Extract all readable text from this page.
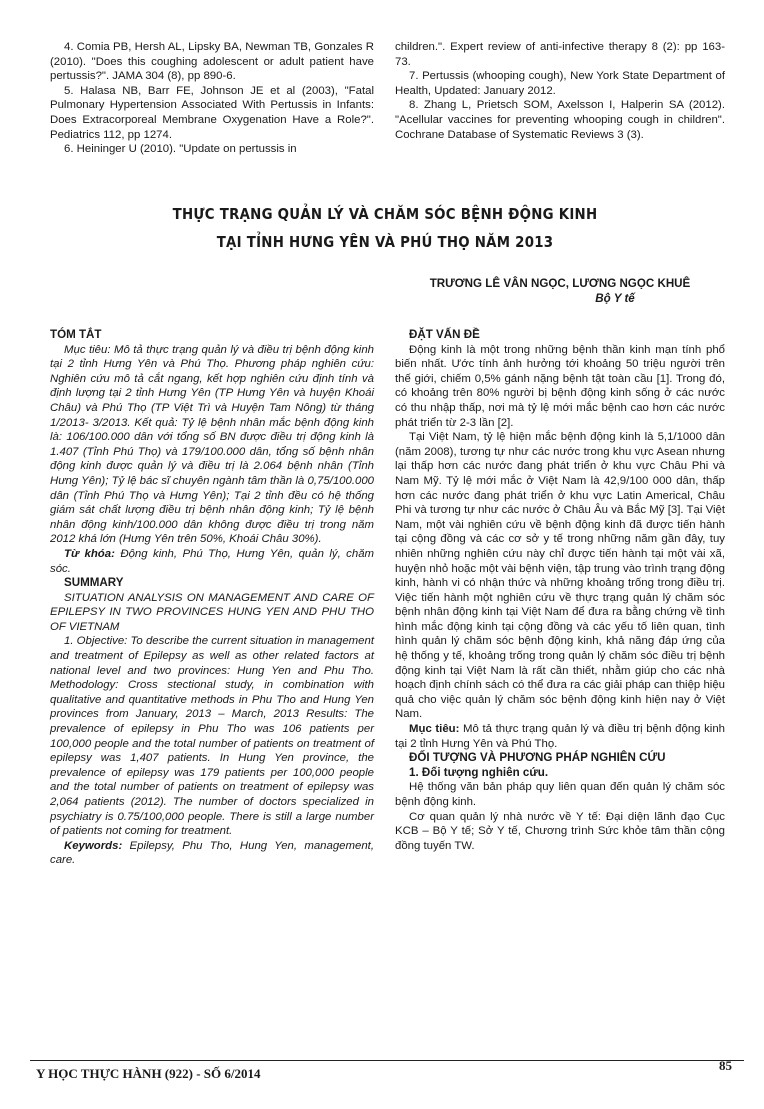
4. Comia PB, Hersh AL, Lipsky BA, Newman TB, Gonzales R (2010). "Does this coughing adolescent or adult patient have pertussis?". JAMA 304 (8), pp 890-6.

5. Halasa NB, Barr FE, Johnson JE et al (2003), "Fatal Pulmonary Hypertension Associated With Pertussis in Infants: Does Extracorporeal Membrane Oxygenation Have a Role?". Pediatrics 112, pp 1274.

6. Heininger U (2010). "Update on pertussis in

children.". Expert review of anti-infective therapy 8 (2): pp 163-73.

7. Pertussis (whooping cough), New York State Department of Health, Updated: January 2012.

8. Zhang L, Prietsch SOM, Axelsson I, Halperin SA (2012). "Acellular vaccines for preventing whooping cough in children". Cochrane Database of Systematic Reviews 3 (3).

THỰC TRẠNG QUẢN LÝ VÀ CHĂM SÓC BỆNH ĐỘNG KINH
TẠI TỈNH HƯNG YÊN VÀ PHÚ THỌ NĂM 2013
TRƯƠNG LÊ VÂN NGỌC, LƯƠNG NGỌC KHUÊ
Bộ Y tế

TÓM TẮT

Mục tiêu: Mô tả thực trạng quản lý và điều trị bệnh động kinh tại 2 tỉnh Hưng Yên và Phú Thọ. Phương pháp nghiên cứu: Nghiên cứu mô tả cắt ngang, kết hợp nghiên cứu định tính và định lượng tại 2 tỉnh Hưng Yên (TP Hưng Yên và huyện Khoái Châu) và Phú Thọ (TP Việt Trì và Huyện Tam Nông) từ tháng 1/2013- 3/2013. Kết quả: Tỷ lệ bệnh nhân mắc bệnh động kinh là: 106/100.000 dân với tổng số BN được điều trị động kinh là 1.407 (Tỉnh Phú Thọ) và 179/100.000 dân, tổng số bệnh nhân động kinh được quản lý và điều trị là 2.064 bệnh nhân (Tỉnh Hưng Yên); Tỷ lệ bác sĩ chuyên ngành tâm thần là 0,75/100.000 dân (Tỉnh Phú Thọ và Hưng Yên); Tại 2 tỉnh đều có hệ thống giám sát chất lượng điều trị bệnh nhân động kinh; Tỷ lệ bệnh nhân động kinh/100.000 dân không được điều trị trong năm 2012 khá lớn (Hưng Yên trên 50%, Khoái Châu 30%).

Từ khóa: Động kinh, Phú Thọ, Hưng Yên, quản lý, chăm sóc.

SUMMARY

SITUATION ANALYSIS ON MANAGEMENT AND CARE OF EPILEPSY IN TWO PROVINCES HUNG YEN AND PHU THO OF VIETNAM

1. Objective: To describe the current situation in management and treatment of Epilepsy as well as other related factors at national level and two provinces: Hung Yen and Phu Tho. Methodology: Cross stectional study, in combination with qualitative and quantitative methods in Phu Tho and Hung Yen provinces from January, 2013 – March, 2013 Results: The prevalence of epilepsy in Phu Tho was 106 patients per 100,000 people and the total number of patients on treatment of epilepsy was 1,407 patients. In Hung Yen province, the prevalence of epilepsy was 179 patients per 100,000 people and the total number of patients on treatment of epilepsy was 2,064 patients (2012). The number of doctors specialized in psychiatry is 0.75/100,000 people. There is still a large number of patients not coming for treatment.

Keywords: Epilepsy, Phu Tho, Hung Yen, management, care.

ĐẶT VẤN ĐỀ

Động kinh là một trong những bệnh thần kinh mạn tính phổ biến nhất. Ước tính ảnh hưởng tới khoảng 50 triệu người trên thế giới, chiếm 0,5% gánh nặng bệnh tật toàn cầu [1]. Trong đó, có khoảng trên 80% người bị bệnh động kinh sống ở các nước có thu nhập thấp, nơi mà tỷ lệ mới mắc bệnh cao hơn các nước phát triển từ 2-3 lần [2].

Tại Việt Nam, tỷ lệ hiện mắc bệnh động kinh là 5,1/1000 dân (năm 2008), tương tự như các nước trong khu vực Asean nhưng lại thấp hơn các nước đang phát triển ở khu vực Châu Phi và Nam Mỹ. Tỷ lệ mới mắc ở Việt Nam là 42,9/100 000 dân, thấp hơn các nước đang phát triển ở khu vực Latin Americal, Châu Phi và tương tự như các nước ở Châu Âu và Bắc Mỹ [3]. Tại Việt Nam, một vài nghiên cứu về bệnh động kinh đã được tiến hành tại cộng đồng và các cơ sở y tế trong những năm gần đây, tuy nhiên những nghiên cứu này chỉ được tiến hành tại một vài xã, huyện nhỏ hoặc một vài bệnh viện, tập trung vào trình trạng động kinh, hành vi có nhận thức và những khoảng trống trong điều trị. Việc tiến hành một nghiên cứu về thực trạng quản lý chăm sóc bệnh nhân động kinh tại Việt Nam để đưa ra bằng chứng về tình hình mắc động kinh tại cộng đồng và các yếu tố liên quan, tình hình quản lý chăm sóc bệnh động kinh, khả năng đáp ứng của hệ thống y tế, khoảng trống trong quản lý chăm sóc điều trị bệnh động kinh tại Việt Nam là rất cần thiết, nhằm giúp cho các nhà hoạch định chính sách có thể đưa ra các giải pháp can thiệp hiệu quả cho việc quản lý chăm sóc bệnh động kinh hiện nay ở Việt Nam.

Mục tiêu: Mô tả thực trạng quản lý và điều trị bệnh động kinh tại 2 tỉnh Hưng Yên và Phú Thọ.

ĐỐI TƯỢNG VÀ PHƯƠNG PHÁP NGHIÊN CỨU

1. Đối tượng nghiên cứu.

Hệ thống văn bản pháp quy liên quan đến quản lý chăm sóc bệnh động kinh.

Cơ quan quản lý nhà nước về Y tế: Đại diện lãnh đạo Cục KCB – Bộ Y tế; Sở Y tế, Chương trình Sức khỏe tâm thần cộng đồng tuyến TW.

Y HỌC THỰC HÀNH (922) - SỐ 6/2014
85
